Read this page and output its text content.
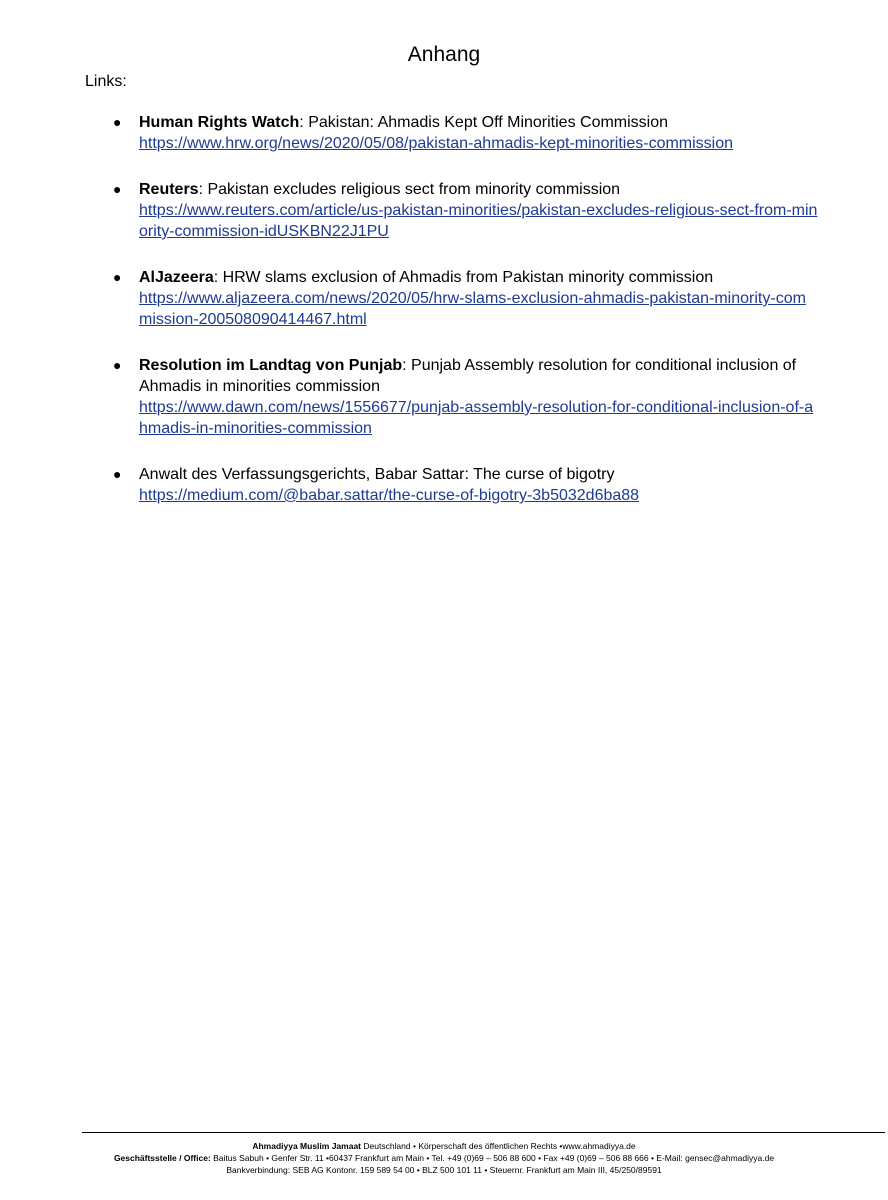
Anhang
Links:
● Human Rights Watch: Pakistan: Ahmadis Kept Off Minorities Commission
https://www.hrw.org/news/2020/05/08/pakistan-ahmadis-kept-minorities-commission
● Reuters: Pakistan excludes religious sect from minority commission
https://www.reuters.com/article/us-pakistan-minorities/pakistan-excludes-religious-sect-from-minority-commission-idUSKBN22J1PU
● AlJazeera: HRW slams exclusion of Ahmadis from Pakistan minority commission
https://www.aljazeera.com/news/2020/05/hrw-slams-exclusion-ahmadis-pakistan-minority-commission-200508090414467.html
● Resolution im Landtag von Punjab: Punjab Assembly resolution for conditional inclusion of Ahmadis in minorities commission
https://www.dawn.com/news/1556677/punjab-assembly-resolution-for-conditional-inclusion-of-ahmadis-in-minorities-commission
● Anwalt des Verfassungsgerichts, Babar Sattar: The curse of bigotry
https://medium.com/@babar.sattar/the-curse-of-bigotry-3b5032d6ba88
Ahmadiyya Muslim Jamaat Deutschland • Körperschaft des öffentlichen Rechts •www.ahmadiyya.de
Geschäftsstelle / Office: Baitus Sabuh • Genfer Str. 11 •60437 Frankfurt am Main • Tel. +49 (0)69 – 506 88 600 • Fax +49 (0)69 – 506 88 666 • E-Mail: gensec@ahmadiyya.de
Bankverbindung: SEB AG Kontonr. 159 589 54 00 • BLZ 500 101 11 • Steuernr. Frankfurt am Main III, 45/250/89591
